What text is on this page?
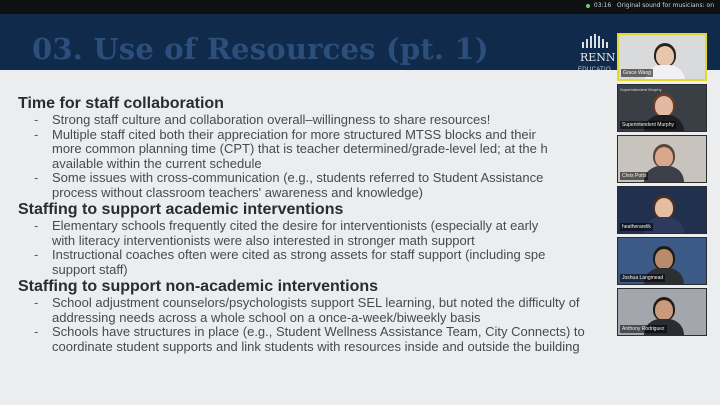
03:16 Original sound for musicians: on
03. Use of Resources (pt. 1)	RENN
Time for staff collaboration
- Strong staff culture and collaboration overall–willingness to share resources!
- Multiple staff cited both their appreciation for more structured MTSS blocks and their
more common planning time (CPT) that is teacher determined/grade-level led; at the h
available within the current schedule
- Some issues with cross-communication (e.g., students referred to Student Assistance
process without classroom teachers' awareness and knowledge)
Staffing to support academic interventions
- Elementary schools frequently cited the desire for interventionists (especially at early
with literacy interventionists were also interested in stronger math support
- Instructional coaches often were cited as strong assets for staff support (including spe
support staff)
Staffing to support non-academic interventions
- School adjustment counselors/psychologists support SEL learning, but noted the difficulty of
addressing needs across a whole school on a once-a-week/biweekly basis
- Schools have structures in place (e.g., Student Wellness Assistance Team, City Connects) to
coordinate student supports and link students with resources inside and outside the building
Grace Wang
Superintendent Murphy
Superintendent Murphy
Chris Potts
heatherarelik
Joshua Langmead
Anthony Rodriguez
